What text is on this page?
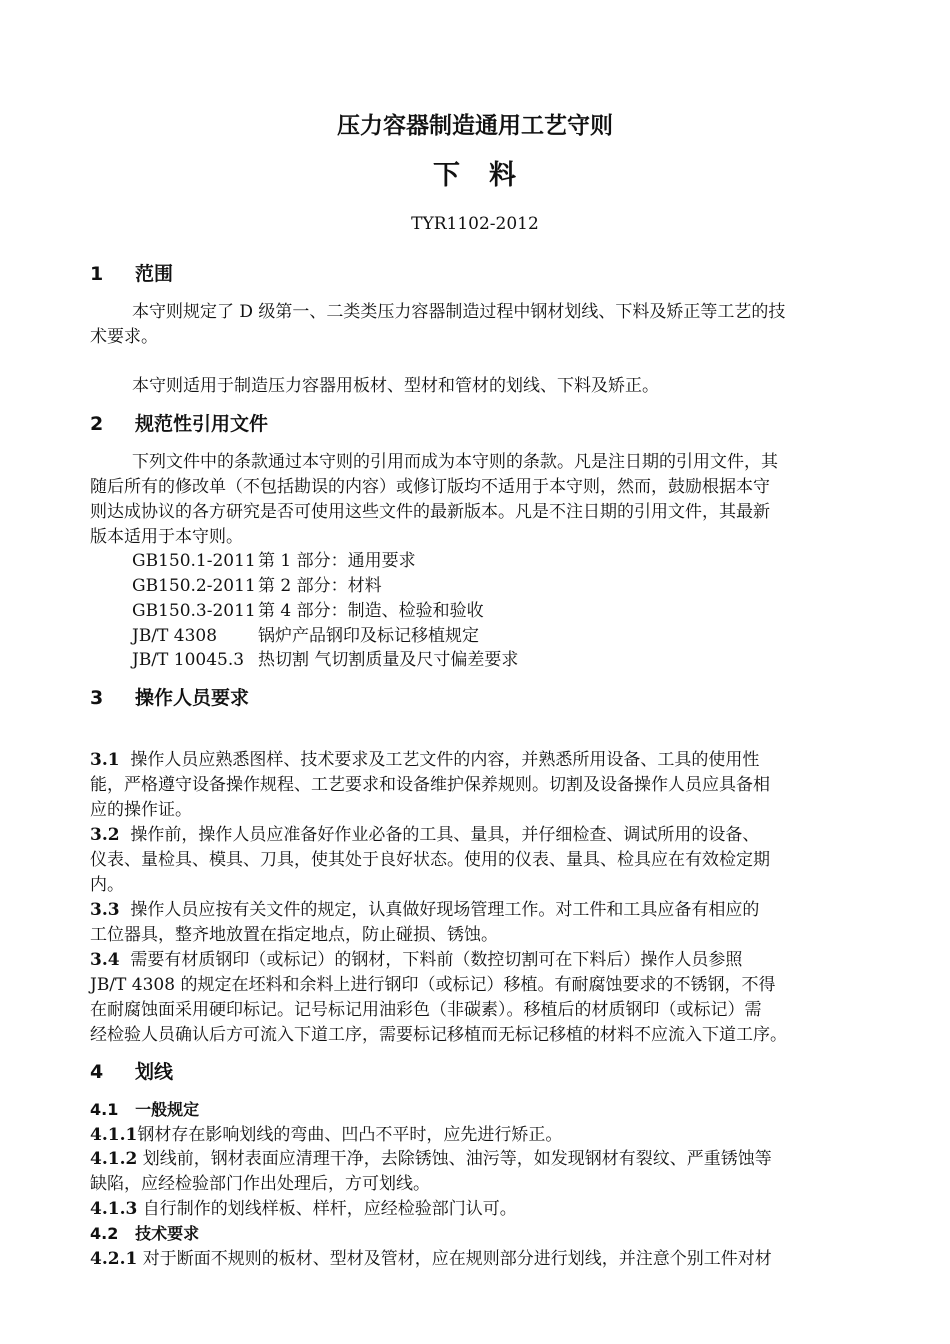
压力容器制造通用工艺守则
下　料
TYR1102-2012
1 范围
本守则规定了 D 级第一、二类类压力容器制造过程中钢材划线、下料及矫正等工艺的技
术要求。
本守则适用于制造压力容器用板材、型材和管材的划线、下料及矫正。
2 规范性引用文件
下列文件中的条款通过本守则的引用而成为本守则的条款。凡是注日期的引用文件，其
随后所有的修改单（不包括勘误的内容）或修订版均不适用于本守则，然而，鼓励根据本守
则达成协议的各方研究是否可使用这些文件的最新版本。凡是不注日期的引用文件，其最新
版本适用于本守则。
GB150.1-2011 第 1 部分：通用要求
GB150.2-2011 第 2 部分：材料
GB150.3-2011 第 4 部分：制造、检验和验收
JB/T 4308 锅炉产品钢印及标记移植规定
JB/T 10045.3 热切割 气切割质量及尺寸偏差要求
3 操作人员要求
3.1 操作人员应熟悉图样、技术要求及工艺文件的内容，并熟悉所用设备、工具的使用性
能，严格遵守设备操作规程、工艺要求和设备维护保养规则。切割及设备操作人员应具备相
应的操作证。
3.2 操作前，操作人员应准备好作业必备的工具、量具，并仔细检查、调试所用的设备、
仪表、量检具、模具、刀具，使其处于良好状态。使用的仪表、量具、检具应在有效检定期
内。
3.3 操作人员应按有关文件的规定，认真做好现场管理工作。对工件和工具应备有相应的
工位器具，整齐地放置在指定地点，防止碰损、锈蚀。
3.4 需要有材质钢印（或标记）的钢材，下料前（数控切割可在下料后）操作人员参照
JB/T 4308 的规定在坯料和余料上进行钢印（或标记）移植。有耐腐蚀要求的不锈钢，不得
在耐腐蚀面采用硬印标记。记号标记用油彩色（非碳素）。移植后的材质钢印（或标记）需
经检验人员确认后方可流入下道工序，需要标记移植而无标记移植的材料不应流入下道工序。
4 划线
4.1 一般规定
4.1.1钢材存在影响划线的弯曲、凹凸不平时，应先进行矫正。
4.1.2 划线前，钢材表面应清理干净，去除锈蚀、油污等，如发现钢材有裂纹、严重锈蚀等
缺陷，应经检验部门作出处理后，方可划线。
4.1.3 自行制作的划线样板、样杆，应经检验部门认可。
4.2 技术要求
4.2.1 对于断面不规则的板材、型材及管材，应在规则部分进行划线，并注意个别工件对材
